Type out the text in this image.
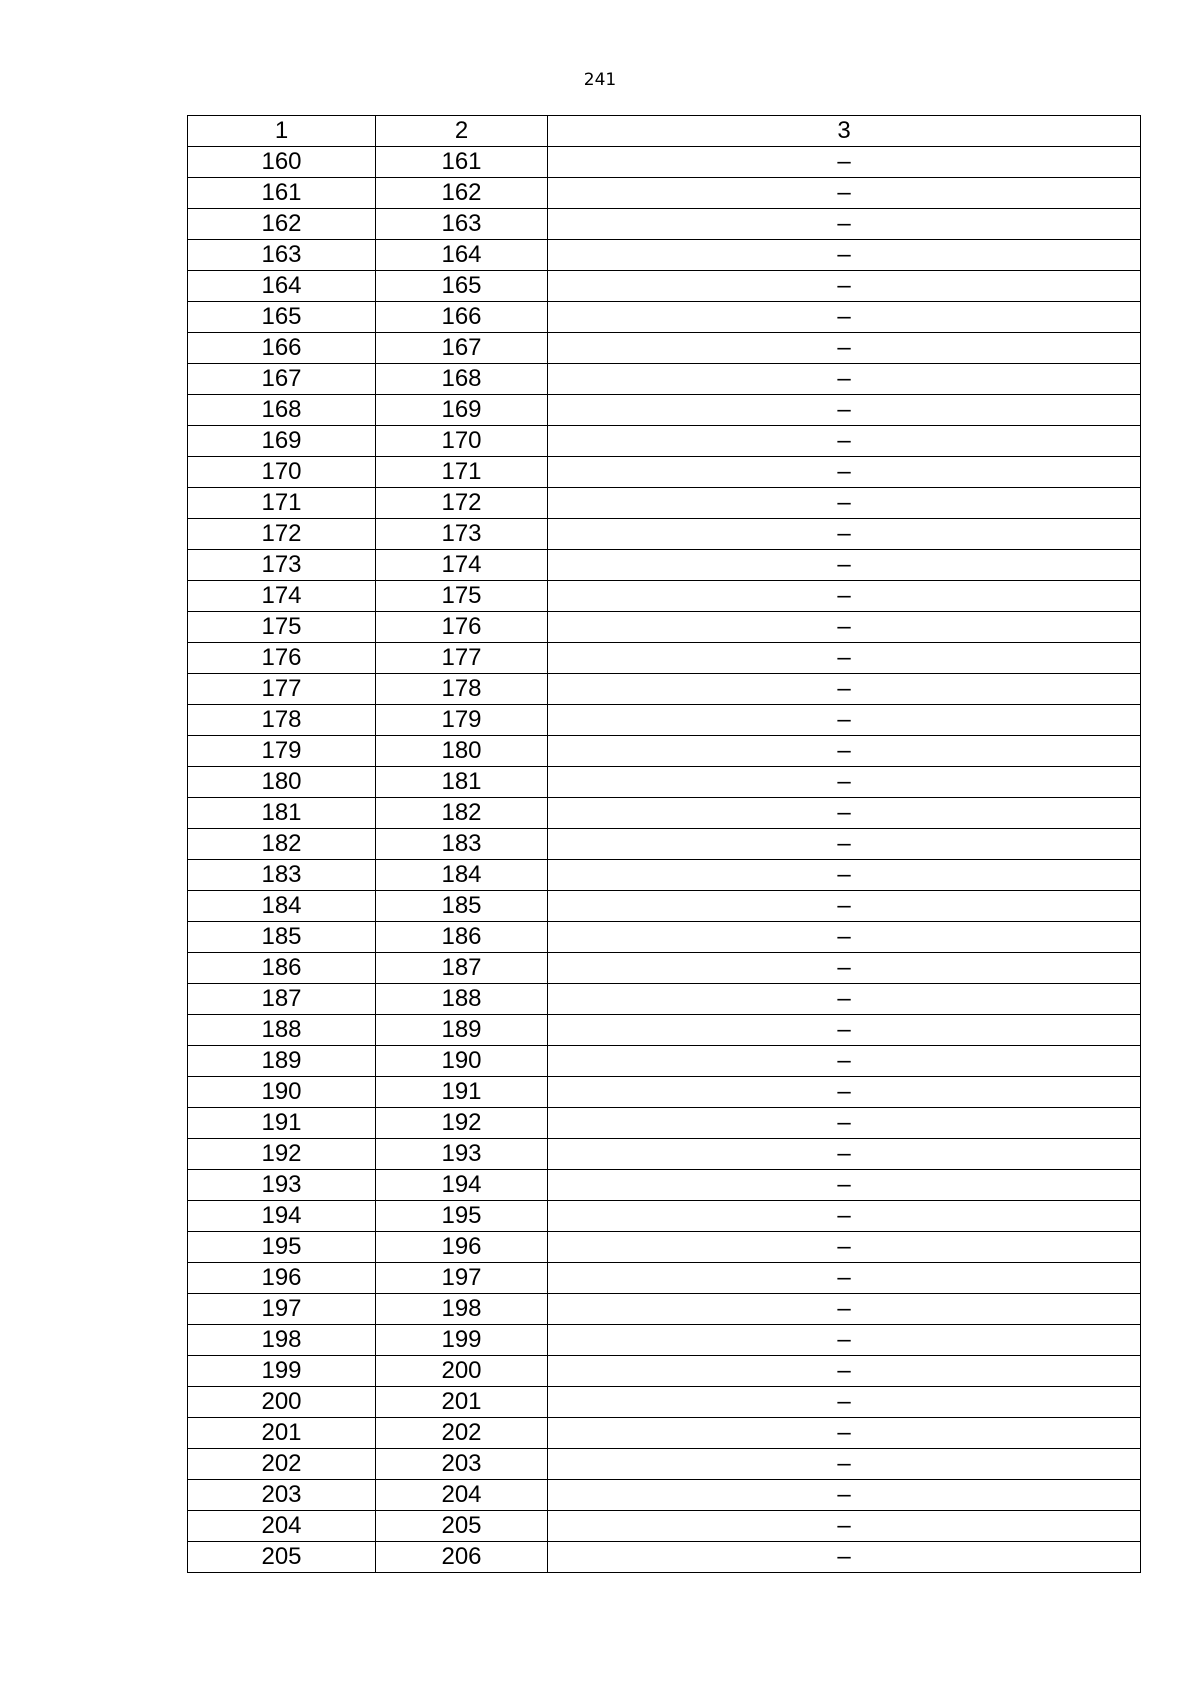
241
1	2	3
160	161	–
161	162	–
162	163	–
163	164	–
164	165	–
165	166	–
166	167	–
167	168	–
168	169	–
169	170	–
170	171	–
171	172	–
172	173	–
173	174	–
174	175	–
175	176	–
176	177	–
177	178	–
178	179	–
179	180	–
180	181	–
181	182	–
182	183	–
183	184	–
184	185	–
185	186	–
186	187	–
187	188	–
188	189	–
189	190	–
190	191	–
191	192	–
192	193	–
193	194	–
194	195	–
195	196	–
196	197	–
197	198	–
198	199	–
199	200	–
200	201	–
201	202	–
202	203	–
203	204	–
204	205	–
205	206	–
